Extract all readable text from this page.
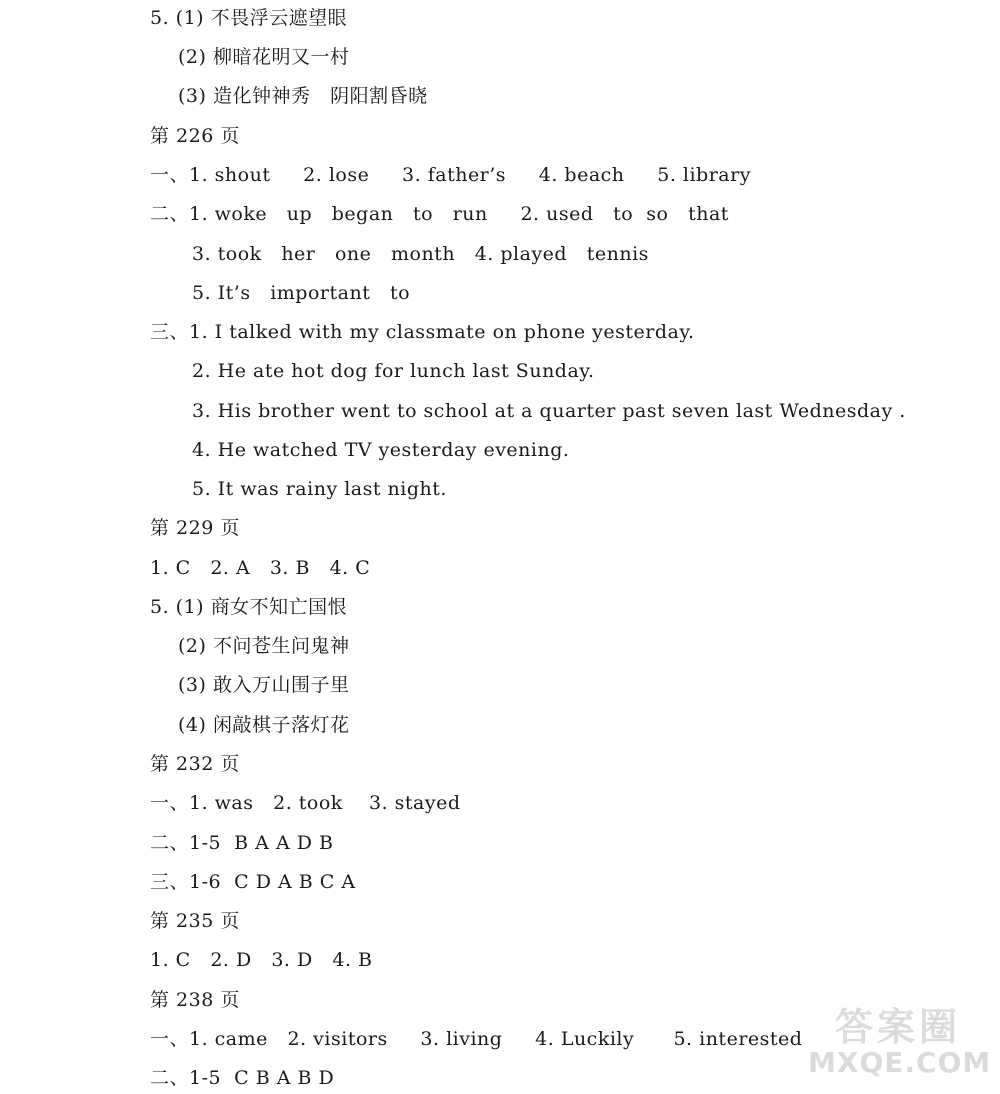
5. (1) 不畏浮云遮望眼
(2) 柳暗花明又一村
(3) 造化钟神秀   阴阳割昏晓
第 226 页
一、1. shout     2. lose     3. father’s     4. beach     5. library
二、1. woke   up   began   to   run     2. used   to  so   that
3. took   her   one   month   4. played   tennis
5. It’s   important   to
三、1. I talked with my classmate on phone yesterday.
2. He ate hot dog for lunch last Sunday.
3. His brother went to school at a quarter past seven last Wednesday .
4. He watched TV yesterday evening.
5. It was rainy last night.
第 229 页
1. C   2. A   3. B   4. C
5. (1) 商女不知亡国恨
(2) 不问苍生问鬼神
(3) 敢入万山围子里
(4) 闲敲棋子落灯花
第 232 页
一、1. was   2. took    3. stayed
二、1-5  B A A D B
三、1-6  C D A B C A
第 235 页
1. C   2. D   3. D   4. B
第 238 页
一、1. came   2. visitors     3. living     4. Luckily      5. interested
二、1-5  C B A B D
答案圈
MXQE.COM
